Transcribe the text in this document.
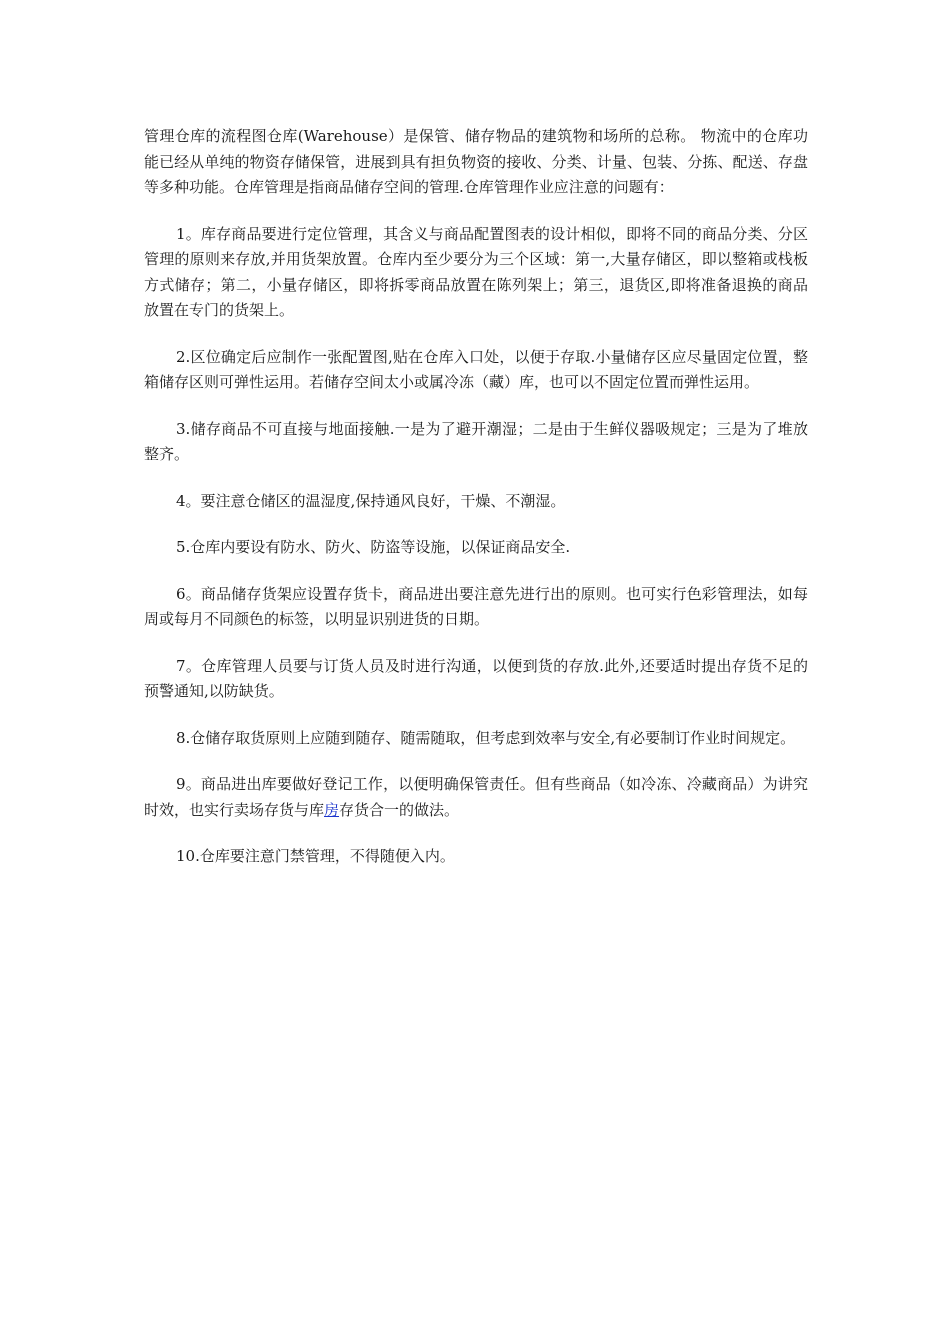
管理仓库的流程图仓库(Warehouse）是保管、储存物品的建筑物和场所的总称。 物流中的仓库功能已经从单纯的物资存储保管，进展到具有担负物资的接收、分类、计量、包装、分拣、配送、存盘等多种功能。仓库管理是指商品储存空间的管理.仓库管理作业应注意的问题有：

1。库存商品要进行定位管理，其含义与商品配置图表的设计相似，即将不同的商品分类、分区管理的原则来存放,并用货架放置。仓库内至少要分为三个区域：第一,大量存储区，即以整箱或栈板方式储存；第二，小量存储区，即将拆零商品放置在陈列架上；第三，退货区,即将准备退换的商品放置在专门的货架上。

2.区位确定后应制作一张配置图,贴在仓库入口处，以便于存取.小量储存区应尽量固定位置，整箱储存区则可弹性运用。若储存空间太小或属冷冻（藏）库，也可以不固定位置而弹性运用。

3.储存商品不可直接与地面接触.一是为了避开潮湿；二是由于生鲜仪器吸规定；三是为了堆放整齐。

4。要注意仓储区的温湿度,保持通风良好，干燥、不潮湿。

5.仓库内要设有防水、防火、防盗等设施，以保证商品安全.

6。商品储存货架应设置存货卡，商品进出要注意先进行出的原则。也可实行色彩管理法，如每周或每月不同颜色的标签，以明显识别进货的日期。

7。仓库管理人员要与订货人员及时进行沟通，以便到货的存放.此外,还要适时提出存货不足的预警通知,以防缺货。

8.仓储存取货原则上应随到随存、随需随取，但考虑到效率与安全,有必要制订作业时间规定。

9。商品进出库要做好登记工作，以便明确保管责任。但有些商品（如冷冻、冷藏商品）为讲究时效，也实行卖场存货与库房存货合一的做法。

10.仓库要注意门禁管理，不得随便入内。
